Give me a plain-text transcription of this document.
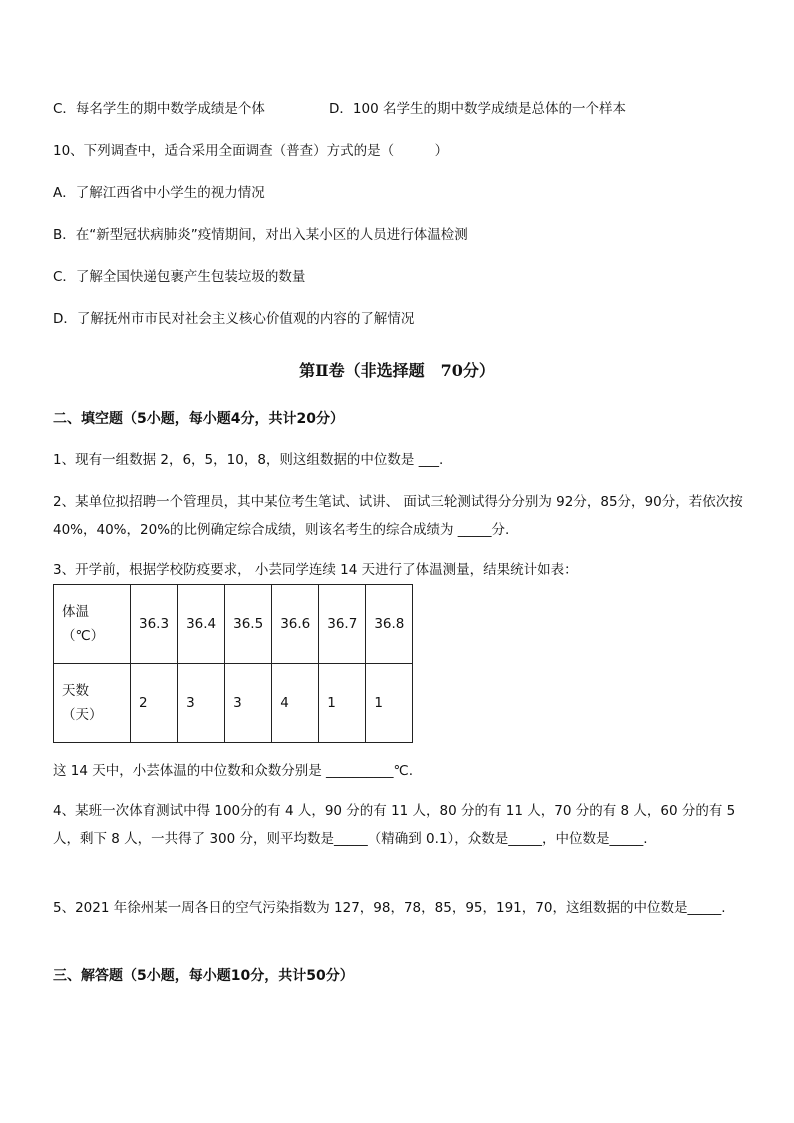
C．每名学生的期中数学成绩是个体	D．100 名学生的期中数学成绩是总体的一个样本
10、下列调查中，适合采用全面调查（普查）方式的是（　　　）
A．了解江西省中小学生的视力情况
B．在“新型冠状病肺炎”疫情期间，对出入某小区的人员进行体温检测
C．了解全国快递包裹产生包装垃圾的数量
D．了解抚州市市民对社会主义核心价值观的内容的了解情况
第Ⅱ卷（非选择题　70分）
二、填空题（5小题，每小题4分，共计20分）
1、现有一组数据 2，6，5，10，8，则这组数据的中位数是 ___.
2、某单位拟招聘一个管理员，其中某位考生笔试、试讲、 面试三轮测试得分分别为 92分，85分，90分，若依次按 40%，40%，20%的比例确定综合成绩，则该名考生的综合成绩为 _____分.
3、开学前，根据学校防疫要求， 小芸同学连续 14 天进行了体温测量，结果统计如表：
体温
（℃）	36.3	36.4	36.5	36.6	36.7	36.8

天数
（天）	2	3	3	4	1	1
这 14 天中，小芸体温的中位数和众数分别是 __________℃.
4、某班一次体育测试中得 100分的有 4 人，90 分的有 11 人，80 分的有 11 人，70 分的有 8 人，60 分的有 5 人，剩下 8 人，一共得了 300 分，则平均数是_____（精确到 0.1），众数是_____，中位数是_____.
5、2021 年徐州某一周各日的空气污染指数为 127，98，78，85，95，191，70，这组数据的中位数是_____.
三、解答题（5小题，每小题10分，共计50分）
